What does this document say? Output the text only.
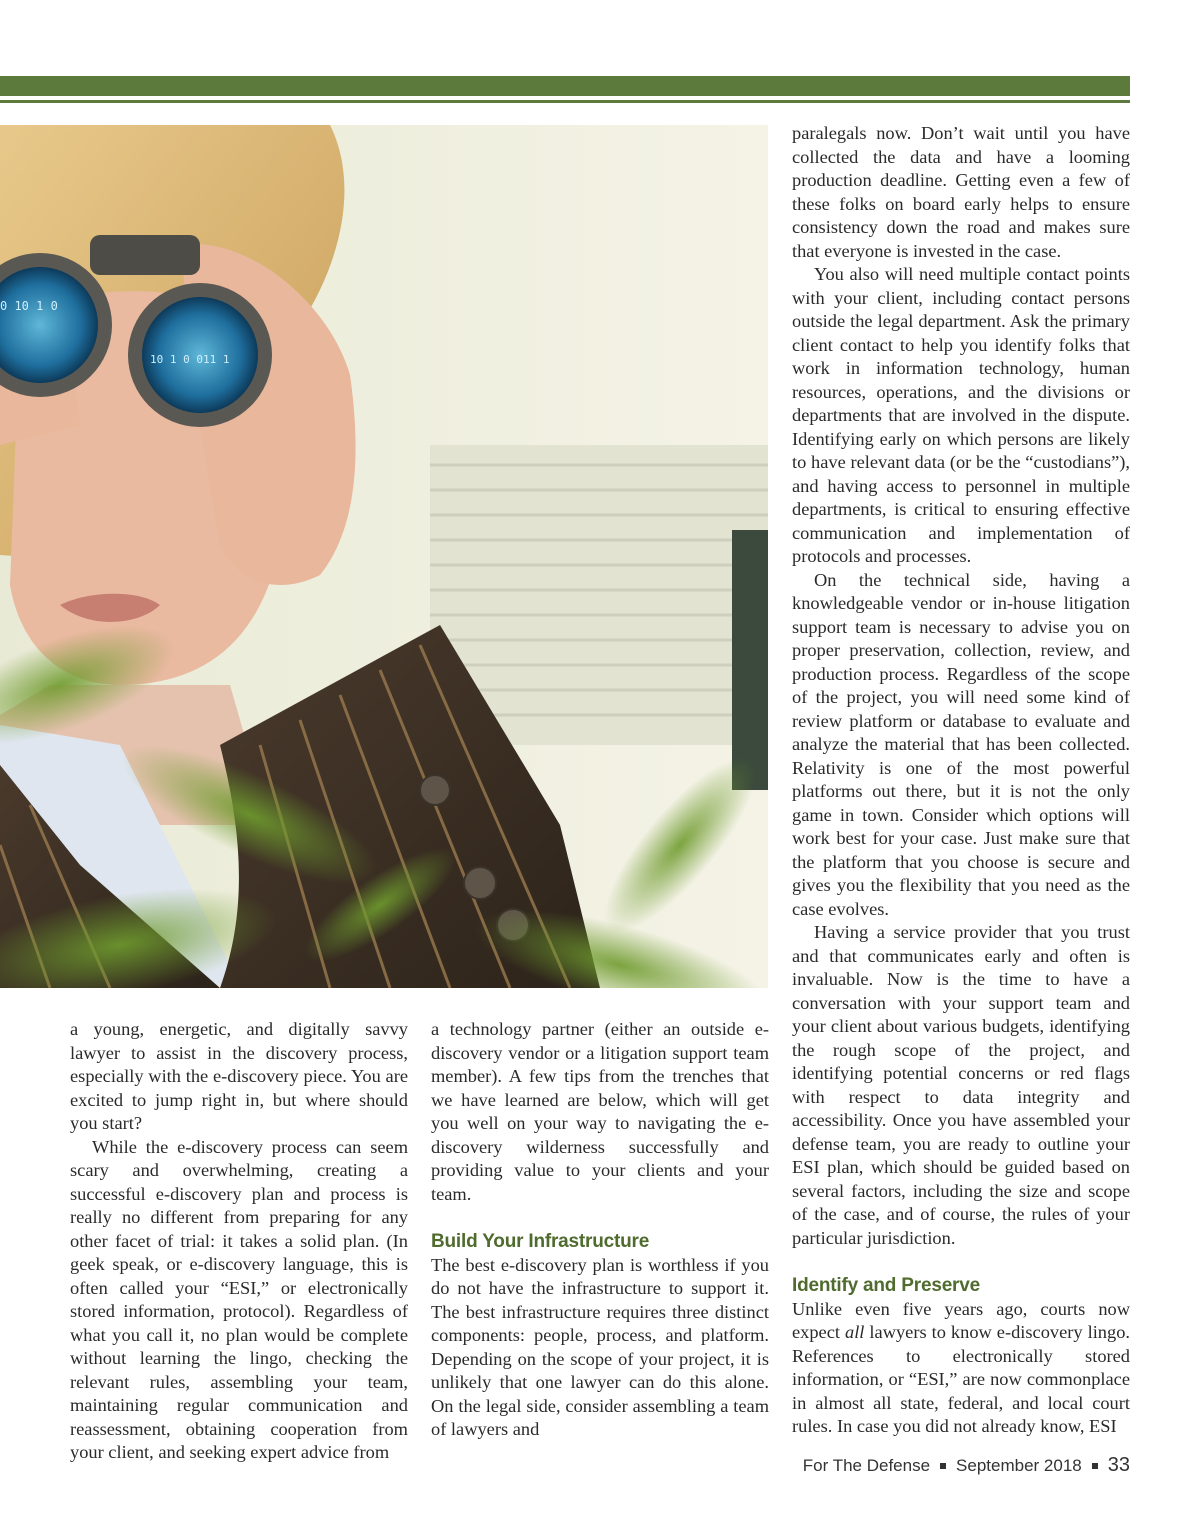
0 10 1 0
10 1 0 011 1

a young, energetic, and digitally savvy lawyer to assist in the discovery process, especially with the e-discovery piece. You are excited to jump right in, but where should you start?

While the e-discovery process can seem scary and overwhelming, creating a successful e-discovery plan and process is really no different from preparing for any other facet of trial: it takes a solid plan. (In geek speak, or e-discovery language, this is often called your “ESI,” or electronically stored information, protocol). Regardless of what you call it, no plan would be complete without learning the lingo, checking the relevant rules, assembling your team, maintaining regular communication and reassessment, obtaining cooperation from your client, and seeking expert advice from

a technology partner (either an outside e-discovery vendor or a litigation support team member). A few tips from the trenches that we have learned are below, which will get you well on your way to navigating the e-discovery wilderness successfully and providing value to your clients and your team.

Build Your Infrastructure

The best e-discovery plan is worthless if you do not have the infrastructure to support it. The best infrastructure requires three distinct components: people, process, and platform. Depending on the scope of your project, it is unlikely that one lawyer can do this alone. On the legal side, consider assembling a team of lawyers and

paralegals now. Don’t wait until you have collected the data and have a looming production deadline. Getting even a few of these folks on board early helps to ensure consistency down the road and makes sure that everyone is invested in the case.

You also will need multiple contact points with your client, including contact persons outside the legal department. Ask the primary client contact to help you identify folks that work in information technology, human resources, operations, and the divisions or departments that are involved in the dispute. Identifying early on which persons are likely to have relevant data (or be the “custodians”), and having access to personnel in multiple departments, is critical to ensuring effective communication and implementation of protocols and processes.

On the technical side, having a knowledgeable vendor or in-house litigation support team is necessary to advise you on proper preservation, collection, review, and production process. Regardless of the scope of the project, you will need some kind of review platform or database to evaluate and analyze the material that has been collected. Relativity is one of the most powerful platforms out there, but it is not the only game in town. Consider which options will work best for your case. Just make sure that the platform that you choose is secure and gives you the flexibility that you need as the case evolves.

Having a service provider that you trust and that communicates early and often is invaluable. Now is the time to have a conversation with your support team and your client about various budgets, identifying the rough scope of the project, and identifying potential concerns or red flags with respect to data integrity and accessibility. Once you have assembled your defense team, you are ready to outline your ESI plan, which should be guided based on several factors, including the size and scope of the case, and of course, the rules of your particular jurisdiction.

Identify and Preserve

Unlike even five years ago, courts now expect all lawyers to know e-discovery lingo. References to electronically stored information, or “ESI,” are now commonplace in almost all state, federal, and local court rules. In case you did not already know, ESI

For The Defense September 2018 33
